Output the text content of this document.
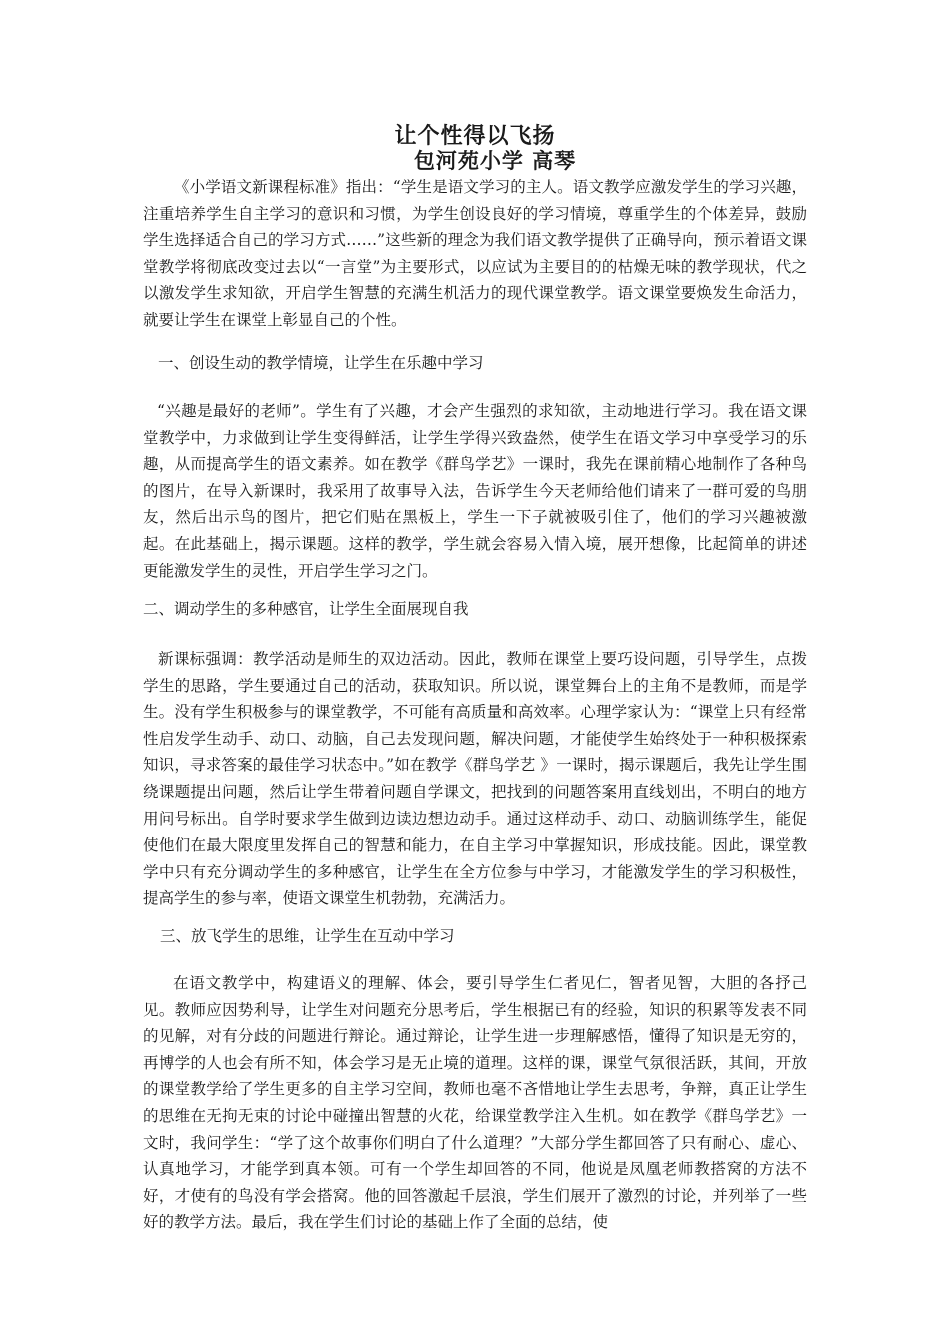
让个性得以飞扬
包河苑小学 高琴

《小学语文新课程标准》指出：“学生是语文学习的主人。语文教学应激发学生的学习兴趣，注重培养学生自主学习的意识和习惯，为学生创设良好的学习情境，尊重学生的个体差异，鼓励学生选择适合自己的学习方式……”这些新的理念为我们语文教学提供了正确导向，预示着语文课堂教学将彻底改变过去以“一言堂”为主要形式，以应试为主要目的的枯燥无味的教学现状，代之以激发学生求知欲，开启学生智慧的充满生机活力的现代课堂教学。语文课堂要焕发生命活力，就要让学生在课堂上彰显自己的个性。

一、创设生动的教学情境，让学生在乐趣中学习

“兴趣是最好的老师”。学生有了兴趣，才会产生强烈的求知欲，主动地进行学习。我在语文课堂教学中，力求做到让学生变得鲜活，让学生学得兴致盎然，使学生在语文学习中享受学习的乐趣，从而提高学生的语文素养。如在教学《群鸟学艺》一课时，我先在课前精心地制作了各种鸟的图片，在导入新课时，我采用了故事导入法，告诉学生今天老师给他们请来了一群可爱的鸟朋友，然后出示鸟的图片，把它们贴在黑板上，学生一下子就被吸引住了，他们的学习兴趣被激起。在此基础上，揭示课题。这样的教学，学生就会容易入情入境，展开想像，比起简单的讲述更能激发学生的灵性，开启学生学习之门。

二、调动学生的多种感官，让学生全面展现自我

新课标强调：教学活动是师生的双边活动。因此，教师在课堂上要巧设问题，引导学生，点拨学生的思路，学生要通过自己的活动，获取知识。所以说，课堂舞台上的主角不是教师，而是学生。没有学生积极参与的课堂教学，不可能有高质量和高效率。心理学家认为：“课堂上只有经常性启发学生动手、动口、动脑，自己去发现问题，解决问题，才能使学生始终处于一种积极探索知识，寻求答案的最佳学习状态中。”如在教学《群鸟学艺 》一课时，揭示课题后，我先让学生围绕课题提出问题，然后让学生带着问题自学课文，把找到的问题答案用直线划出，不明白的地方用问号标出。自学时要求学生做到边读边想边动手。通过这样动手、动口、动脑训练学生，能促使他们在最大限度里发挥自己的智慧和能力，在自主学习中掌握知识，形成技能。因此，课堂教学中只有充分调动学生的多种感官，让学生在全方位参与中学习，才能激发学生的学习积极性，提高学生的参与率，使语文课堂生机勃勃，充满活力。

三、放飞学生的思维，让学生在互动中学习

在语文教学中，构建语义的理解、体会，要引导学生仁者见仁，智者见智，大胆的各抒己见。教师应因势利导，让学生对问题充分思考后，学生根据已有的经验，知识的积累等发表不同的见解，对有分歧的问题进行辩论。通过辩论，让学生进一步理解感悟，懂得了知识是无穷的，再博学的人也会有所不知，体会学习是无止境的道理。这样的课，课堂气氛很活跃，其间，开放的课堂教学给了学生更多的自主学习空间，教师也毫不吝惜地让学生去思考，争辩，真正让学生的思维在无拘无束的讨论中碰撞出智慧的火花，给课堂教学注入生机。如在教学《群鸟学艺》一文时，我问学生：“学了这个故事你们明白了什么道理？”大部分学生都回答了只有耐心、虚心、认真地学习，才能学到真本领。可有一个学生却回答的不同，他说是凤凰老师教搭窝的方法不好，才使有的鸟没有学会搭窝。他的回答激起千层浪，学生们展开了激烈的讨论，并列举了一些好的教学方法。最后，我在学生们讨论的基础上作了全面的总结，使
